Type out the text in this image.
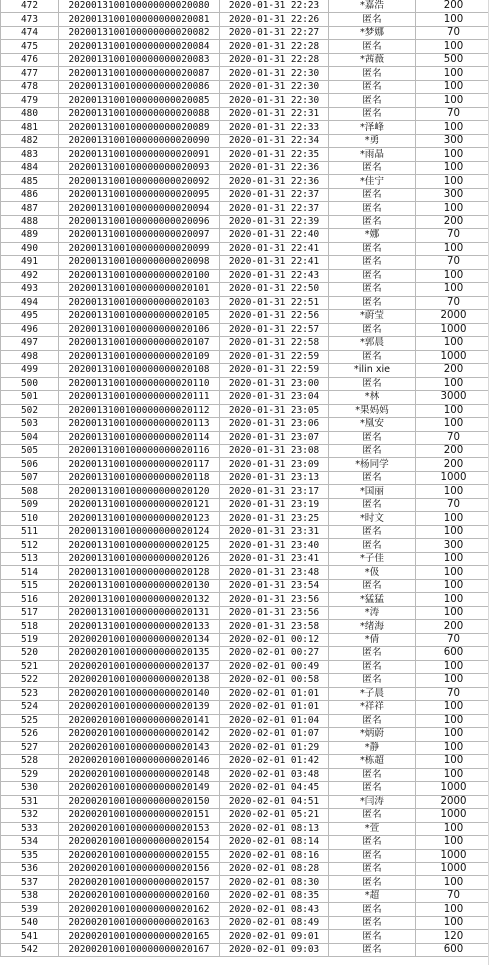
472	2020013100100000000020080	2020-01-31 22:23	*嘉浩	200
473	2020013100100000000020081	2020-01-31 22:26	匿名	100
474	2020013100100000000020082	2020-01-31 22:27	*梦娜	70
475	2020013100100000000020084	2020-01-31 22:28	匿名	100
476	2020013100100000000020083	2020-01-31 22:28	*茜薇	500
477	2020013100100000000020087	2020-01-31 22:30	匿名	100
478	2020013100100000000020086	2020-01-31 22:30	匿名	100
479	2020013100100000000020085	2020-01-31 22:30	匿名	100
480	2020013100100000000020088	2020-01-31 22:31	匿名	70
481	2020013100100000000020089	2020-01-31 22:33	*泽峰	100
482	2020013100100000000020090	2020-01-31 22:34	*勇	300
483	2020013100100000000020091	2020-01-31 22:35	*雨晶	100
484	2020013100100000000020093	2020-01-31 22:36	匿名	100
485	2020013100100000000020092	2020-01-31 22:36	*佳宁	100
486	2020013100100000000020095	2020-01-31 22:37	匿名	300
487	2020013100100000000020094	2020-01-31 22:37	匿名	100
488	2020013100100000000020096	2020-01-31 22:39	匿名	200
489	2020013100100000000020097	2020-01-31 22:40	*娜	70
490	2020013100100000000020099	2020-01-31 22:41	匿名	100
491	2020013100100000000020098	2020-01-31 22:41	匿名	70
492	2020013100100000000020100	2020-01-31 22:43	匿名	100
493	2020013100100000000020101	2020-01-31 22:50	匿名	100
494	2020013100100000000020103	2020-01-31 22:51	匿名	70
495	2020013100100000000020105	2020-01-31 22:56	*蔚莹	2000
496	2020013100100000000020106	2020-01-31 22:57	匿名	1000
497	2020013100100000000020107	2020-01-31 22:58	*郭晨	100
498	2020013100100000000020109	2020-01-31 22:59	匿名	1000
499	2020013100100000000020108	2020-01-31 22:59	*ilin xie	200
500	2020013100100000000020110	2020-01-31 23:00	匿名	100
501	2020013100100000000020111	2020-01-31 23:04	*林	3000
502	2020013100100000000020112	2020-01-31 23:05	*果妈妈	100
503	2020013100100000000020113	2020-01-31 23:06	*凰安	100
504	2020013100100000000020114	2020-01-31 23:07	匿名	70
505	2020013100100000000020116	2020-01-31 23:08	匿名	200
506	2020013100100000000020117	2020-01-31 23:09	*杨同学	200
507	2020013100100000000020118	2020-01-31 23:13	匿名	1000
508	2020013100100000000020120	2020-01-31 23:17	*国丽	100
509	2020013100100000000020121	2020-01-31 23:19	匿名	70
510	2020013100100000000020123	2020-01-31 23:25	*时文	100
511	2020013100100000000020124	2020-01-31 23:31	匿名	100
512	2020013100100000000020125	2020-01-31 23:40	匿名	300
513	2020013100100000000020126	2020-01-31 23:41	*子佳	100
514	2020013100100000000020128	2020-01-31 23:48	*伋	100
515	2020013100100000000020130	2020-01-31 23:54	匿名	100
516	2020013100100000000020132	2020-01-31 23:56	*猛猛	100
517	2020013100100000000020131	2020-01-31 23:56	*涛	100
518	2020013100100000000020133	2020-01-31 23:58	*绪海	200
519	2020020100100000000020134	2020-02-01 00:12	*倩	70
520	2020020100100000000020135	2020-02-01 00:27	匿名	600
521	2020020100100000000020137	2020-02-01 00:49	匿名	100
522	2020020100100000000020138	2020-02-01 00:58	匿名	100
523	2020020100100000000020140	2020-02-01 01:01	*子晨	70
524	2020020100100000000020139	2020-02-01 01:01	*祥祥	100
525	2020020100100000000020141	2020-02-01 01:04	匿名	100
526	2020020100100000000020142	2020-02-01 01:07	*炳蔚	100
527	2020020100100000000020143	2020-02-01 01:29	*静	100
528	2020020100100000000020146	2020-02-01 01:42	*栋超	100
529	2020020100100000000020148	2020-02-01 03:48	匿名	100
530	2020020100100000000020149	2020-02-01 04:45	匿名	1000
531	2020020100100000000020150	2020-02-01 04:51	*闫涛	2000
532	2020020100100000000020151	2020-02-01 05:21	匿名	1000
533	2020020100100000000020153	2020-02-01 08:13	*萱	100
534	2020020100100000000020154	2020-02-01 08:14	匿名	100
535	2020020100100000000020155	2020-02-01 08:16	匿名	1000
536	2020020100100000000020156	2020-02-01 08:28	匿名	1000
537	2020020100100000000020157	2020-02-01 08:30	匿名	100
538	2020020100100000000020160	2020-02-01 08:35	*超	70
539	2020020100100000000020162	2020-02-01 08:43	匿名	100
540	2020020100100000000020163	2020-02-01 08:49	匿名	100
541	2020020100100000000020165	2020-02-01 09:01	匿名	120
542	2020020100100000000020167	2020-02-01 09:03	匿名	600
